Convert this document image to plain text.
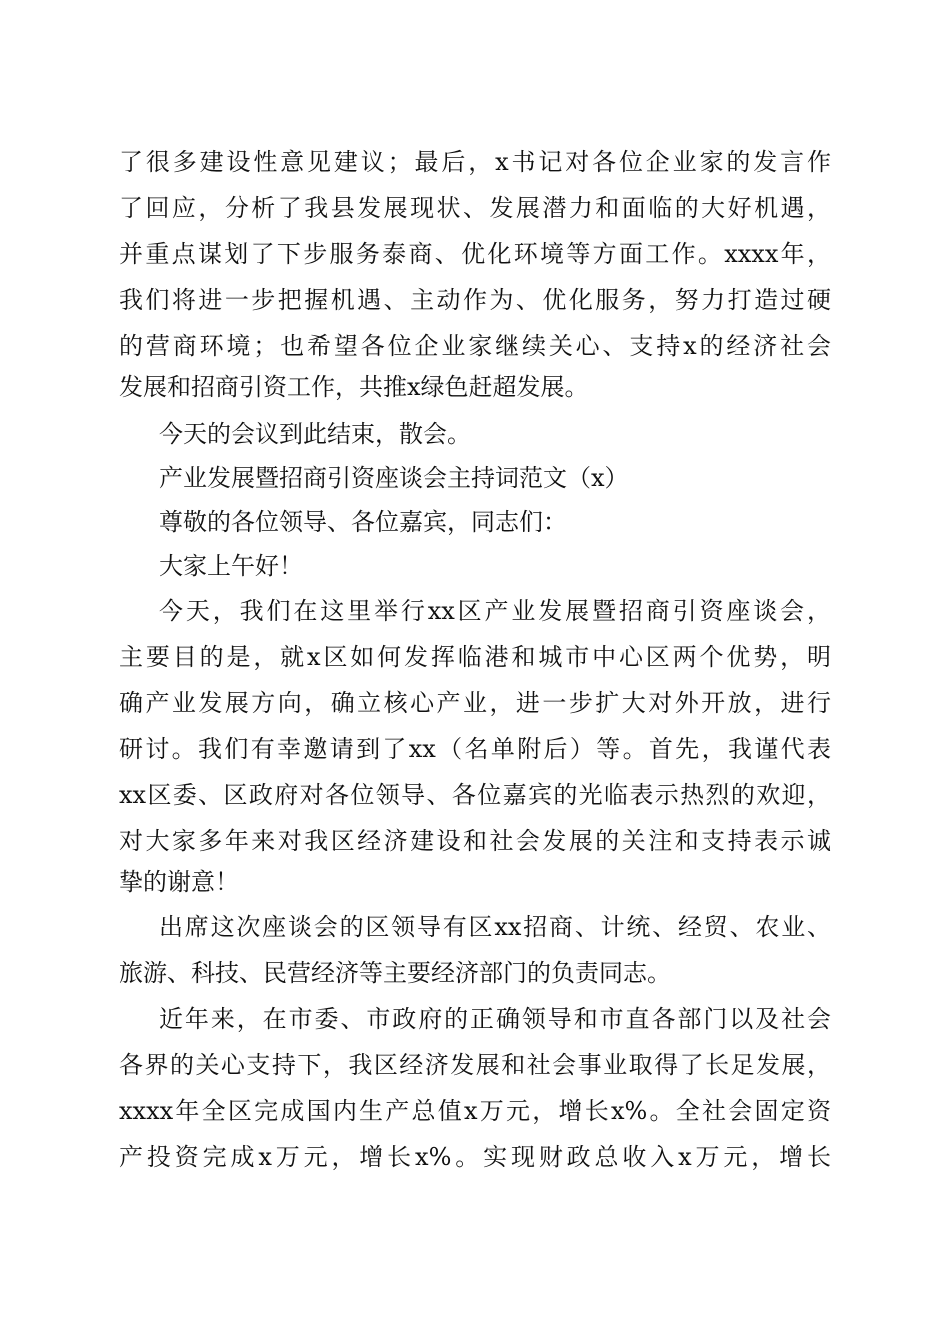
了很多建设性意见建议；最后，x书记对各位企业家的发言作
了回应，分析了我县发展现状、发展潜力和面临的大好机遇，
并重点谋划了下步服务泰商、优化环境等方面工作。xxxx年，
我们将进一步把握机遇、主动作为、优化服务，努力打造过硬
的营商环境；也希望各位企业家继续关心、支持x的经济社会
发展和招商引资工作，共推x绿色赶超发展。
今天的会议到此结束，散会。
产业发展暨招商引资座谈会主持词范文（x）
尊敬的各位领导、各位嘉宾，同志们：
大家上午好！
今天，我们在这里举行xx区产业发展暨招商引资座谈会，
主要目的是，就x区如何发挥临港和城市中心区两个优势，明
确产业发展方向，确立核心产业，进一步扩大对外开放，进行
研讨。我们有幸邀请到了xx（名单附后）等。首先，我谨代表
xx区委、区政府对各位领导、各位嘉宾的光临表示热烈的欢迎，
对大家多年来对我区经济建设和社会发展的关注和支持表示诚
挚的谢意！
出席这次座谈会的区领导有区xx招商、计统、经贸、农业、
旅游、科技、民营经济等主要经济部门的负责同志。
近年来，在市委、市政府的正确领导和市直各部门以及社会
各界的关心支持下，我区经济发展和社会事业取得了长足发展，
xxxx年全区完成国内生产总值x万元，增长x%。全社会固定资
产投资完成x万元，增长x%。实现财政总收入x万元，增长
